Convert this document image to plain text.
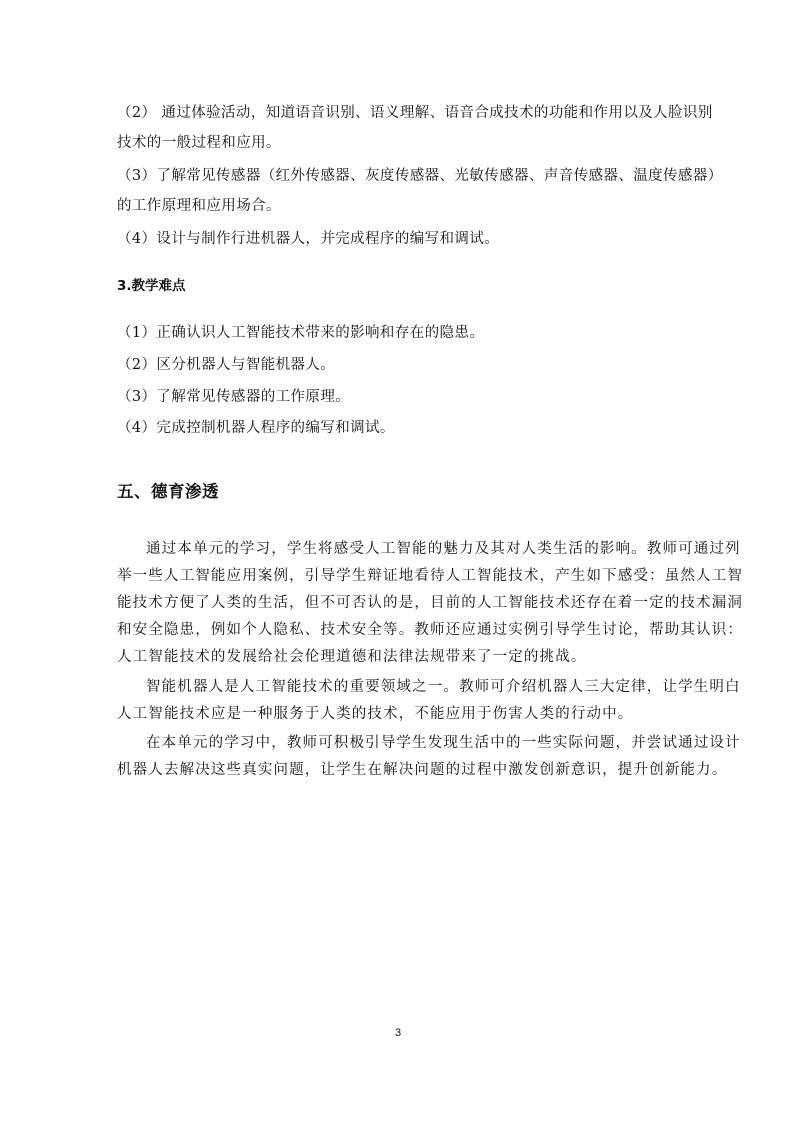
（2） 通过体验活动，知道语音识别、语义理解、语音合成技术的功能和作用以及人脸识别
技术的一般过程和应用。
（3）了解常见传感器（红外传感器、灰度传感器、光敏传感器、声音传感器、温度传感器）
的工作原理和应用场合。
（4）设计与制作行进机器人，并完成程序的编写和调试。
3.教学难点
（1）正确认识人工智能技术带来的影响和存在的隐患。
（2）区分机器人与智能机器人。
（3）了解常见传感器的工作原理。
（4）完成控制机器人程序的编写和调试。
五、德育渗透
通过本单元的学习，学生将感受人工智能的魅力及其对人类生活的影响。教师可通过列
举一些人工智能应用案例，引导学生辩证地看待人工智能技术，产生如下感受：虽然人工智
能技术方便了人类的生活，但不可否认的是，目前的人工智能技术还存在着一定的技术漏洞
和安全隐患，例如个人隐私、技术安全等。教师还应通过实例引导学生讨论，帮助其认识：
人工智能技术的发展给社会伦理道德和法律法规带来了一定的挑战。
智能机器人是人工智能技术的重要领域之一。教师可介绍机器人三大定律，让学生明白
人工智能技术应是一种服务于人类的技术，不能应用于伤害人类的行动中。
在本单元的学习中，教师可积极引导学生发现生活中的一些实际问题，并尝试通过设计
机器人去解决这些真实问题，让学生在解决问题的过程中激发创新意识，提升创新能力。
3
